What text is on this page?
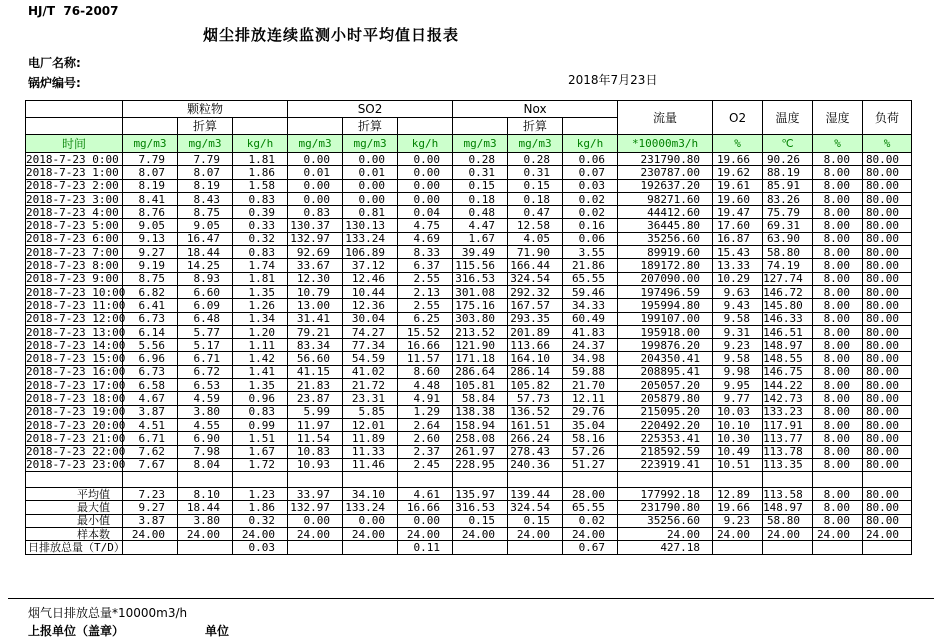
HJ/T  76-2007
烟尘排放连续监测小时平均值日报表
电厂名称:
锅炉编号:	2018年7月23日
	颗粒物			SO2			Nox			流量	O2	温度	湿度	负荷
		折算			折算			折算						
时间	mg/m3	mg/m3	kg/h	mg/m3	mg/m3	kg/h	mg/m3	mg/m3	kg/h	*10000m3/h	%	℃	%	%
2018-7-23 0:00	7.79	7.79	1.81	0.00	0.00	0.00	0.28	0.28	0.06	231790.80	19.66	90.26	8.00	80.00
2018-7-23 1:00	8.07	8.07	1.86	0.01	0.01	0.00	0.31	0.31	0.07	230787.00	19.62	88.19	8.00	80.00
2018-7-23 2:00	8.19	8.19	1.58	0.00	0.00	0.00	0.15	0.15	0.03	192637.20	19.61	85.91	8.00	80.00
2018-7-23 3:00	8.41	8.43	0.83	0.00	0.00	0.00	0.18	0.18	0.02	98271.60	19.60	83.26	8.00	80.00
2018-7-23 4:00	8.76	8.75	0.39	0.83	0.81	0.04	0.48	0.47	0.02	44412.60	19.47	75.79	8.00	80.00
2018-7-23 5:00	9.05	9.05	0.33	130.37	130.13	4.75	4.47	12.58	0.16	36445.80	17.60	69.31	8.00	80.00
2018-7-23 6:00	9.13	16.47	0.32	132.97	133.24	4.69	1.67	4.05	0.06	35256.60	16.87	63.90	8.00	80.00
2018-7-23 7:00	9.27	18.44	0.83	92.69	106.89	8.33	39.49	71.90	3.55	89919.60	15.43	58.80	8.00	80.00
2018-7-23 8:00	9.19	14.25	1.74	33.67	37.12	6.37	115.56	166.44	21.86	189172.80	13.33	74.19	8.00	80.00
2018-7-23 9:00	8.75	8.93	1.81	12.30	12.46	2.55	316.53	324.54	65.55	207090.00	10.29	127.74	8.00	80.00
2018-7-23 10:00	6.82	6.60	1.35	10.79	10.44	2.13	301.08	292.32	59.46	197496.59	9.63	146.72	8.00	80.00
2018-7-23 11:00	6.41	6.09	1.26	13.00	12.36	2.55	175.16	167.57	34.33	195994.80	9.43	145.80	8.00	80.00
2018-7-23 12:00	6.73	6.48	1.34	31.41	30.04	6.25	303.80	293.35	60.49	199107.00	9.58	146.33	8.00	80.00
2018-7-23 13:00	6.14	5.77	1.20	79.21	74.27	15.52	213.52	201.89	41.83	195918.00	9.31	146.51	8.00	80.00
2018-7-23 14:00	5.56	5.17	1.11	83.34	77.34	16.66	121.90	113.66	24.37	199876.20	9.23	148.97	8.00	80.00
2018-7-23 15:00	6.96	6.71	1.42	56.60	54.59	11.57	171.18	164.10	34.98	204350.41	9.58	148.55	8.00	80.00
2018-7-23 16:00	6.73	6.72	1.41	41.15	41.02	8.60	286.64	286.14	59.88	208895.41	9.98	146.75	8.00	80.00
2018-7-23 17:00	6.58	6.53	1.35	21.83	21.72	4.48	105.81	105.82	21.70	205057.20	9.95	144.22	8.00	80.00
2018-7-23 18:00	4.67	4.59	0.96	23.87	23.31	4.91	58.84	57.73	12.11	205879.80	9.77	142.73	8.00	80.00
2018-7-23 19:00	3.87	3.80	0.83	5.99	5.85	1.29	138.38	136.52	29.76	215095.20	10.03	133.23	8.00	80.00
2018-7-23 20:00	4.51	4.55	0.99	11.97	12.01	2.64	158.94	161.51	35.04	220492.20	10.10	117.91	8.00	80.00
2018-7-23 21:00	6.71	6.90	1.51	11.54	11.89	2.60	258.08	266.24	58.16	225353.41	10.30	113.77	8.00	80.00
2018-7-23 22:00	7.62	7.98	1.67	10.83	11.33	2.37	261.97	278.43	57.26	218592.59	10.49	113.78	8.00	80.00
2018-7-23 23:00	7.67	8.04	1.72	10.93	11.46	2.45	228.95	240.36	51.27	223919.41	10.51	113.35	8.00	80.00

平均值	7.23	8.10	1.23	33.97	34.10	4.61	135.97	139.44	28.00	177992.18	12.89	113.58	8.00	80.00
最大值	9.27	18.44	1.86	132.97	133.24	16.66	316.53	324.54	65.55	231790.80	19.66	148.97	8.00	80.00
最小值	3.87	3.80	0.32	0.00	0.00	0.00	0.15	0.15	0.02	35256.60	9.23	58.80	8.00	80.00
样本数	24.00	24.00	24.00	24.00	24.00	24.00	24.00	24.00	24.00	24.00	24.00	24.00	24.00	24.00
日排放总量（T/D）			0.03			0.11			0.67	427.18				
烟气日排放总量*10000m3/h
上报单位（盖章）	单位
